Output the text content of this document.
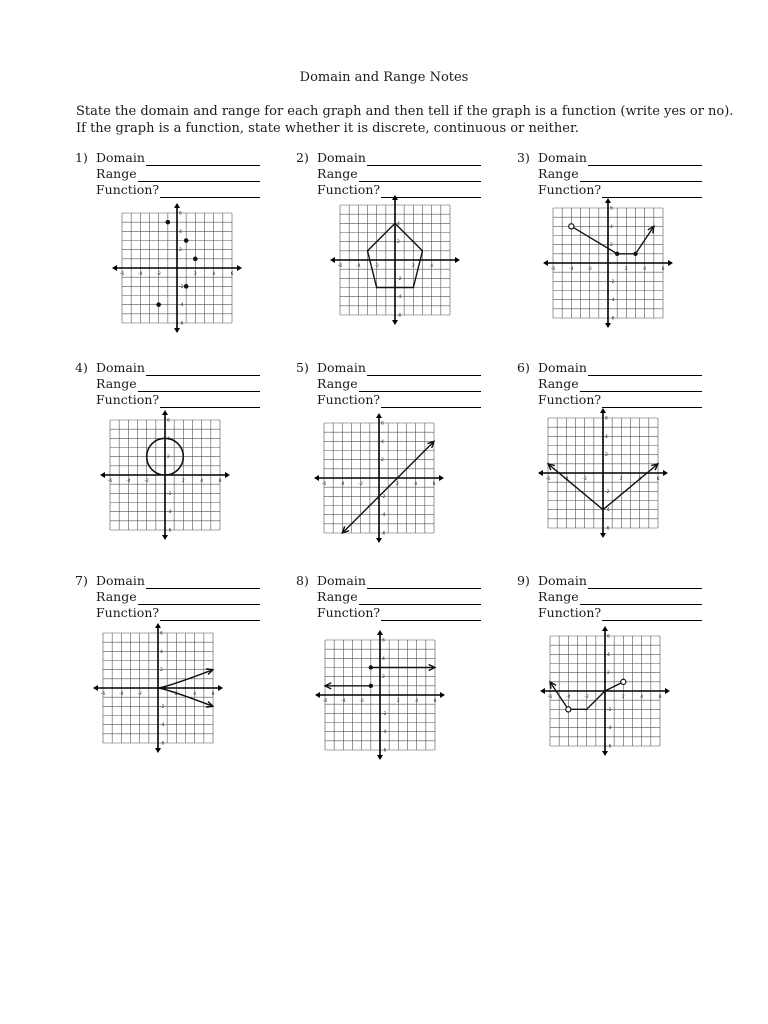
Domain and Range Notes
State the domain and range for each graph and then tell if the graph is a function (write yes or no).
If the graph is a function, state whether it is discrete, continuous or neither.
1) Domain
Range
Function?
2) Domain
Range
Function?
3) Domain
Range
Function?
4) Domain
Range
Function?
5) Domain
Range
Function?
6) Domain
Range
Function?
7) Domain
Range
Function?
8) Domain
Range
Function?
9) Domain
Range
Function?
-6
-6
-4
-4
-2
-2
2
2
4
4
6
6
-6
-6
-4
-4
-2
-2
2
2
4
4
-6
-6
-4
-4
-2
-2
2
2
4
4
6
6
-6
-6
-4
-4
-2
-2
2
2
4
4
6
6
-6
-6
-4
-4
-2
-2
2
2
4
4
6
6
-6
-6
-4
-4
-2
-2
2
2
4
4
6
6
-6
-6
-4
-4
-2
-2
2
2
4
4
6
6
-6
-6
-4
-4
-2
-2
2
2
4
4
6
6
-6
-6
-4
-4
-2
-2
2
2
4
4
6
6
